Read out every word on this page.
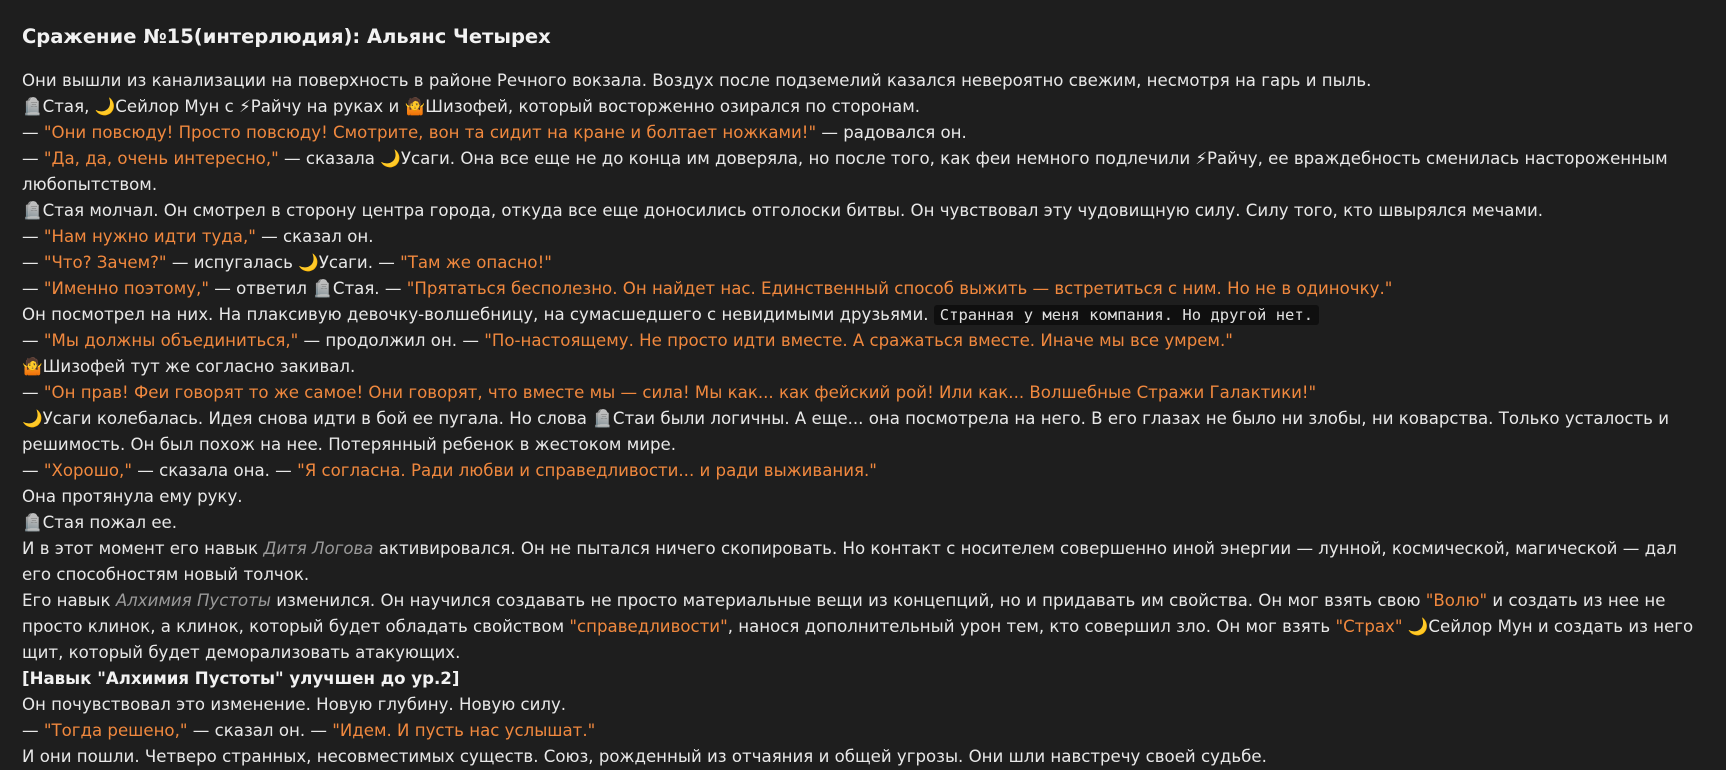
Сражение №15(интерлюдия): Альянс Четырех

Они вышли из канализации на поверхность в районе Речного вокзала. Воздух после подземелий казался невероятно свежим, несмотря на гарь и пыль.

🪦Стая, 🌙Сейлор Мун с ⚡Райчу на руках и 🤷Шизофей, который восторженно озирался по сторонам.

— "Они повсюду! Просто повсюду! Смотрите, вон та сидит на кране и болтает ножками!" — радовался он.

— "Да, да, очень интересно," — сказала 🌙Усаги. Она все еще не до конца им доверяла, но после того, как феи немного подлечили ⚡Райчу, ее враждебность сменилась настороженным любопытством.

🪦Стая молчал. Он смотрел в сторону центра города, откуда все еще доносились отголоски битвы. Он чувствовал эту чудовищную силу. Силу того, кто швырялся мечами.

— "Нам нужно идти туда," — сказал он.

— "Что? Зачем?" — испугалась 🌙Усаги. — "Там же опасно!"

— "Именно поэтому," — ответил 🪦Стая. — "Прятаться бесполезно. Он найдет нас. Единственный способ выжить — встретиться с ним. Но не в одиночку."

Он посмотрел на них. На плаксивую девочку-волшебницу, на сумасшедшего с невидимыми друзьями. Странная у меня компания. Но другой нет.

— "Мы должны объединиться," — продолжил он. — "По-настоящему. Не просто идти вместе. А сражаться вместе. Иначе мы все умрем."

🤷Шизофей тут же согласно закивал.

— "Он прав! Феи говорят то же самое! Они говорят, что вместе мы — сила! Мы как... как фейский рой! Или как... Волшебные Стражи Галактики!"

🌙Усаги колебалась. Идея снова идти в бой ее пугала. Но слова 🪦Стаи были логичны. А еще... она посмотрела на него. В его глазах не было ни злобы, ни коварства. Только усталость и решимость. Он был похож на нее. Потерянный ребенок в жестоком мире.

— "Хорошо," — сказала она. — "Я согласна. Ради любви и справедливости... и ради выживания."

Она протянула ему руку.

🪦Стая пожал ее.

И в этот момент его навык Дитя Логова активировался. Он не пытался ничего скопировать. Но контакт с носителем совершенно иной энергии — лунной, космической, магической — дал его способностям новый толчок.

Его навык Алхимия Пустоты изменился. Он научился создавать не просто материальные вещи из концепций, но и придавать им свойства. Он мог взять свою "Волю" и создать из нее не просто клинок, а клинок, который будет обладать свойством "справедливости", нанося дополнительный урон тем, кто совершил зло. Он мог взять "Страх" 🌙Сейлор Мун и создать из него щит, который будет деморализовать атакующих.

[Навык "Алхимия Пустоты" улучшен до ур.2]

Он почувствовал это изменение. Новую глубину. Новую силу.

— "Тогда решено," — сказал он. — "Идем. И пусть нас услышат."

И они пошли. Четверо странных, несовместимых существ. Союз, рожденный из отчаяния и общей угрозы. Они шли навстречу своей судьбе.
